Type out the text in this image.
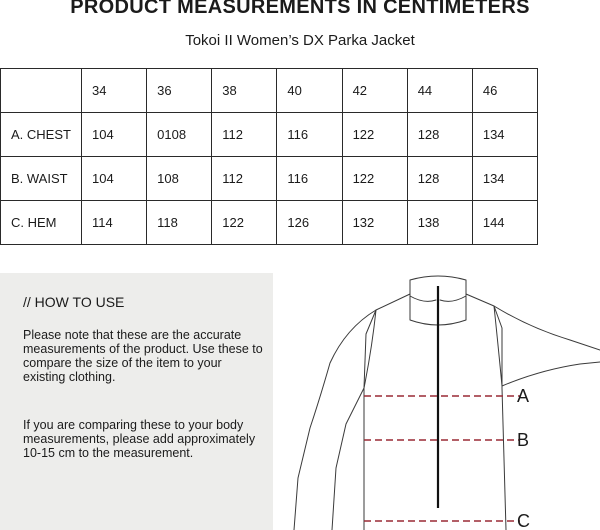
PRODUCT MEASUREMENTS IN CENTIMETERS
Tokoi II Women’s DX Parka Jacket
	34	36	38	40	42	44	46
A. CHEST	104	0108	112	116	122	128	134
B. WAIST	104	108	112	116	122	128	134
C. HEM	114	118	122	126	132	138	144
// HOW TO USE

Please note that these are the accurate measurements of the product. Use these to compare the size of the item to your existing clothing.

If you are comparing these to your body measurements, please add approximately 10-15 cm to the measurement.

A
B
C
